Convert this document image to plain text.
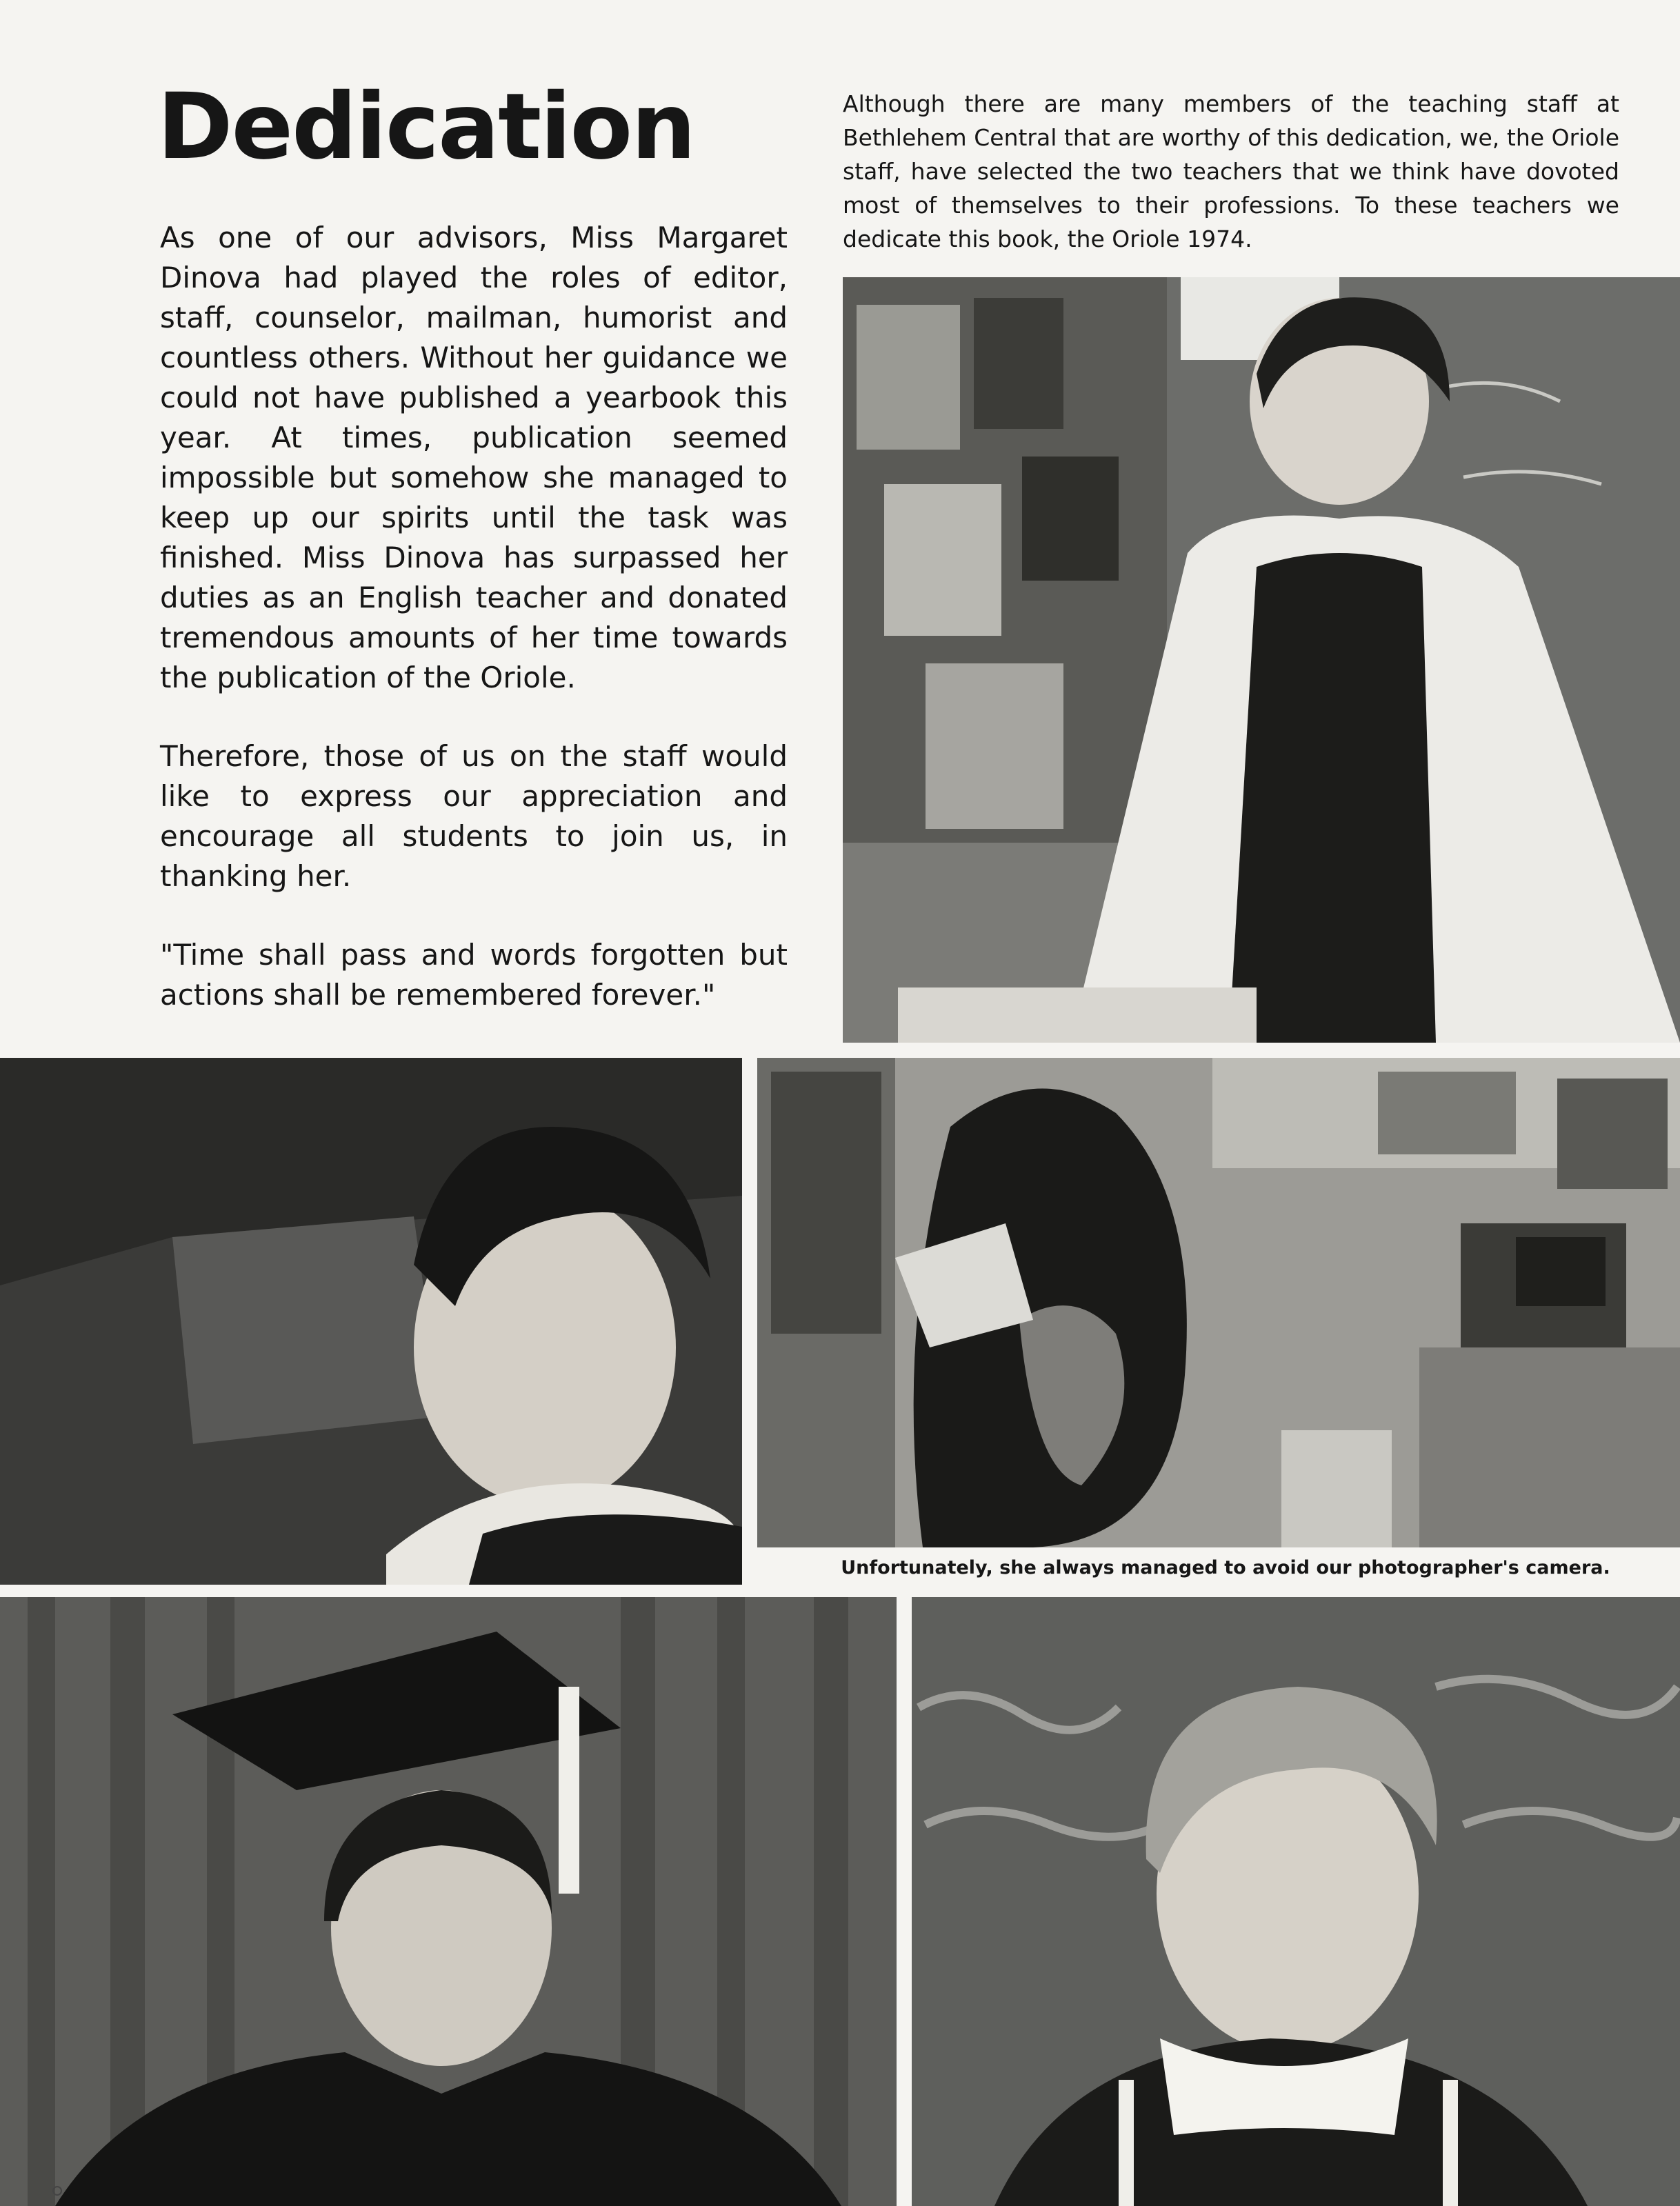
Dedication	Although there are many members of the teaching staff at Bethlehem Central that are worthy of this dedication, we, the Oriole staff, have selected the two teachers that we think have dovoted most of themselves to their professions. To these teachers we dedicate this book, the Oriole 1974.

As one of our advisors, Miss Margaret Dinova had played the roles of editor, staff, counselor, mailman, humorist and countless others. Without her guidance we could not have published a yearbook this year. At times, publication seemed impossible but somehow she managed to keep up our spirits until the task was finished. Miss Dinova has surpassed her duties as an English teacher and donated tremendous amounts of her time towards the publication of the Oriole.

Therefore, those of us on the staff would like to express our appreciation and encourage all students to join us, in thanking her.

"Time shall pass and words forgotten but actions shall be remembered forever."

Unfortunately, she always managed to avoid our photographer's camera.
